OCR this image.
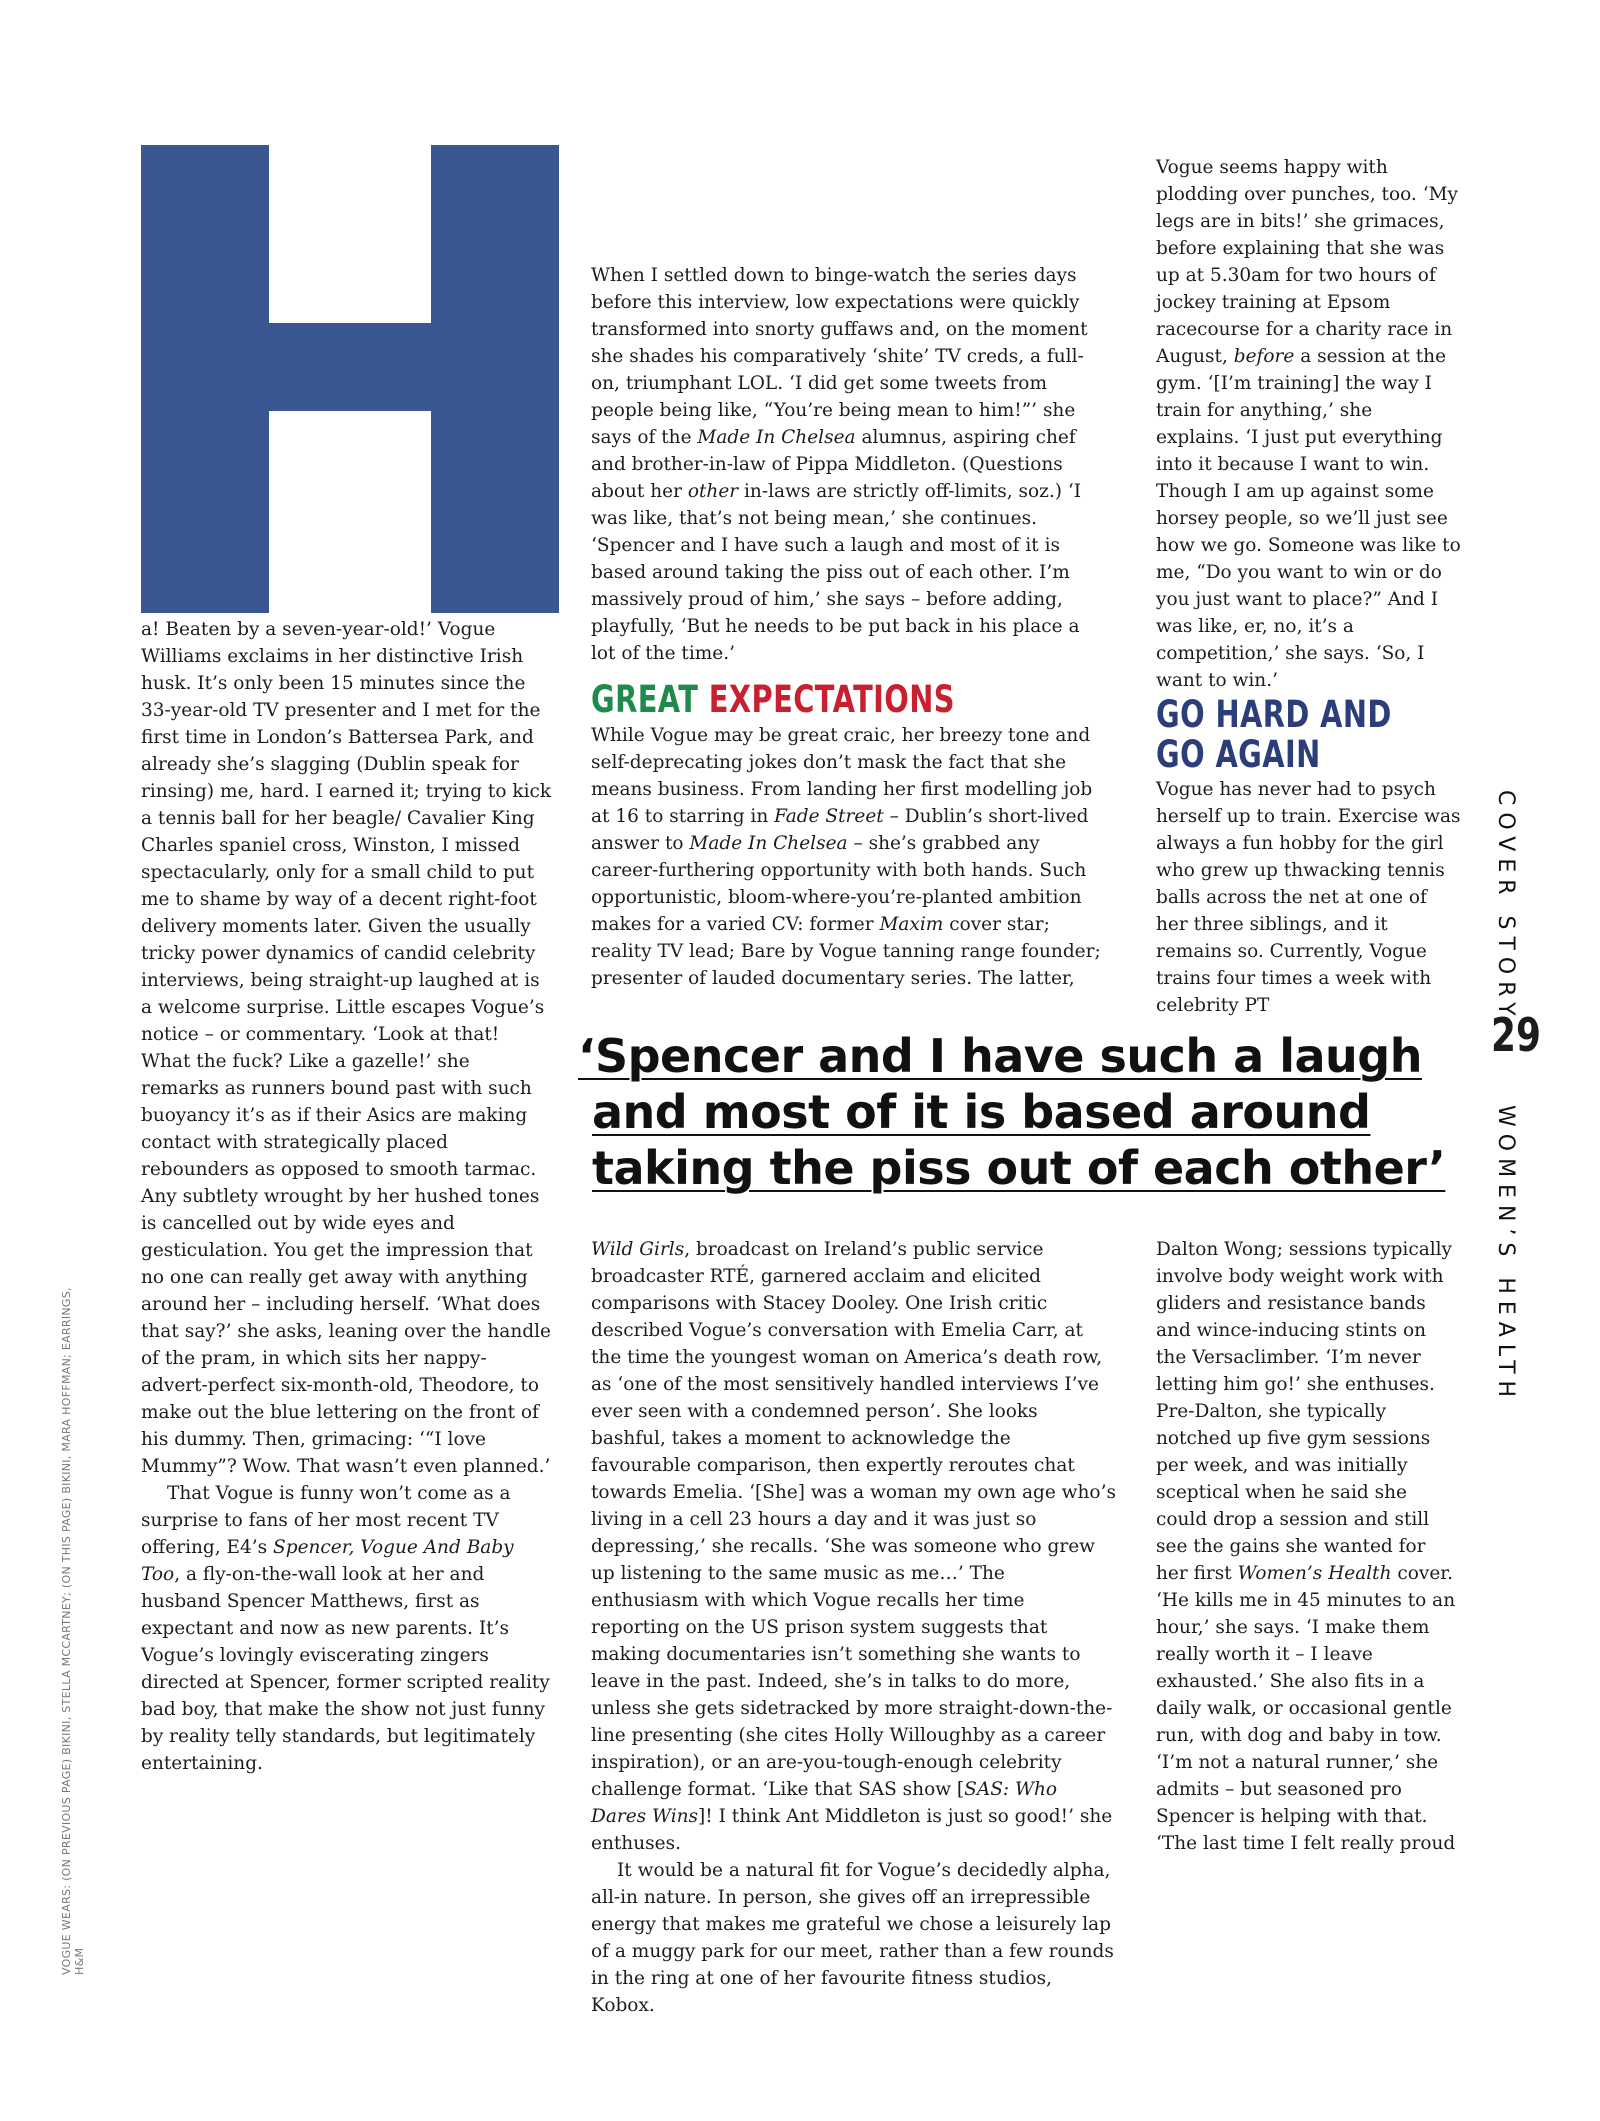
a! Beaten by a seven-year-old!’ Vogue Williams exclaims in her distinctive Irish husk. It’s only been 15 minutes since the 33-year-old TV presenter and I met for the first time in London’s Battersea Park, and already she’s slagging (Dublin speak for rinsing) me, hard. I earned it; trying to kick a tennis ball for her beagle/ Cavalier King Charles spaniel cross, Winston, I missed spectacularly, only for a small child to put me to shame by way of a decent right-foot delivery moments later. Given the usually tricky power dynamics of candid celebrity interviews, being straight-up laughed at is a welcome surprise. Little escapes Vogue’s notice – or commentary. ‘Look at that! What the fuck? Like a gazelle!’ she remarks as runners bound past with such buoyancy it’s as if their Asics are making contact with strategically placed rebounders as opposed to smooth tarmac. Any subtlety wrought by her hushed tones is cancelled out by wide eyes and gesticulation. You get the impression that no one can really get away with anything around her – including herself. ‘What does that say?’ she asks, leaning over the handle of the pram, in which sits her nappy-advert-perfect six-month-old, Theodore, to make out the blue lettering on the front of his dummy. Then, grimacing: ‘“I love Mummy”? Wow. That wasn’t even planned.’

That Vogue is funny won’t come as a surprise to fans of her most recent TV offering, E4’s Spencer, Vogue And Baby Too, a fly-on-the-wall look at her and husband Spencer Matthews, first as expectant and now as new parents. It’s Vogue’s lovingly eviscerating zingers directed at Spencer, former scripted reality bad boy, that make the show not just funny by reality telly standards, but legitimately entertaining.

When I settled down to binge-watch the series days before this interview, low expectations were quickly transformed into snorty guffaws and, on the moment she shades his comparatively ‘shite’ TV creds, a full-on, triumphant LOL. ‘I did get some tweets from people being like, “You’re being mean to him!”’ she says of the Made In Chelsea alumnus, aspiring chef and brother-in-law of Pippa Middleton. (Questions about her other in-laws are strictly off-limits, soz.) ‘I was like, that’s not being mean,’ she continues. ‘Spencer and I have such a laugh and most of it is based around taking the piss out of each other. I’m massively proud of him,’ she says – before adding, playfully, ‘But he needs to be put back in his place a lot of the time.’

GREAT EXPECTATIONS

While Vogue may be great craic, her breezy tone and self-deprecating jokes don’t mask the fact that she means business. From landing her first modelling job at 16 to starring in Fade Street – Dublin’s short-lived answer to Made In Chelsea – she’s grabbed any career-furthering opportunity with both hands. Such opportunistic, bloom-where-you’re-planted ambition makes for a varied CV: former Maxim cover star; reality TV lead; Bare by Vogue tanning range founder; presenter of lauded documentary series. The latter,

Vogue seems happy with plodding over punches, too. ‘My legs are in bits!’ she grimaces, before explaining that she was up at 5.30am for two hours of jockey training at Epsom racecourse for a charity race in August, before a session at the gym. ‘[I’m training] the way I train for anything,’ she explains. ‘I just put everything into it because I want to win. Though I am up against some horsey people, so we’ll just see how we go. Someone was like to me, “Do you want to win or do you just want to place?” And I was like, er, no, it’s a competition,’ she says. ‘So, I want to win.’

GO HARD AND
GO AGAIN

Vogue has never had to psych herself up to train. Exercise was always a fun hobby for the girl who grew up thwacking tennis balls across the net at one of her three siblings, and it remains so. Currently, Vogue trains four times a week with celebrity PT

‘Spencer and I have such a laugh
and most of it is based around
taking the piss out of each other’

Wild Girls, broadcast on Ireland’s public service broadcaster RTÉ, garnered acclaim and elicited comparisons with Stacey Dooley. One Irish critic described Vogue’s conversation with Emelia Carr, at the time the youngest woman on America’s death row, as ‘one of the most sensitively handled interviews I’ve ever seen with a condemned person’. She looks bashful, takes a moment to acknowledge the favourable comparison, then expertly reroutes chat towards Emelia. ‘[She] was a woman my own age who’s living in a cell 23 hours a day and it was just so depressing,’ she recalls. ‘She was someone who grew up listening to the same music as me…’ The enthusiasm with which Vogue recalls her time reporting on the US prison system suggests that making documentaries isn’t something she wants to leave in the past. Indeed, she’s in talks to do more, unless she gets sidetracked by more straight-down-the-line presenting (she cites Holly Willoughby as a career inspiration), or an are-you-tough-enough celebrity challenge format. ‘Like that SAS show [SAS: Who Dares Wins]! I think Ant Middleton is just so good!’ she enthuses.

It would be a natural fit for Vogue’s decidedly alpha, all-in nature. In person, she gives off an irrepressible energy that makes me grateful we chose a leisurely lap of a muggy park for our meet, rather than a few rounds in the ring at one of her favourite fitness studios, Kobox.

Dalton Wong; sessions typically involve body weight work with gliders and resistance bands and wince-inducing stints on the Versaclimber. ‘I’m never letting him go!’ she enthuses. Pre-Dalton, she typically notched up five gym sessions per week, and was initially sceptical when he said she could drop a session and still see the gains she wanted for her first Women’s Health cover. ‘He kills me in 45 minutes to an hour,’ she says. ‘I make them really worth it – I leave exhausted.’ She also fits in a daily walk, or occasional gentle run, with dog and baby in tow. ‘I’m not a natural runner,’ she admits – but seasoned pro Spencer is helping with that. ‘The last time I felt really proud

COVER STORY
29
WOMEN’S HEALTH
VOGUE WEARS: (ON PREVIOUS PAGE) BIKINI, STELLA MCCARTNEY; (ON THIS PAGE) BIKINI, MARA HOFFMAN; EARRINGS, H&M
